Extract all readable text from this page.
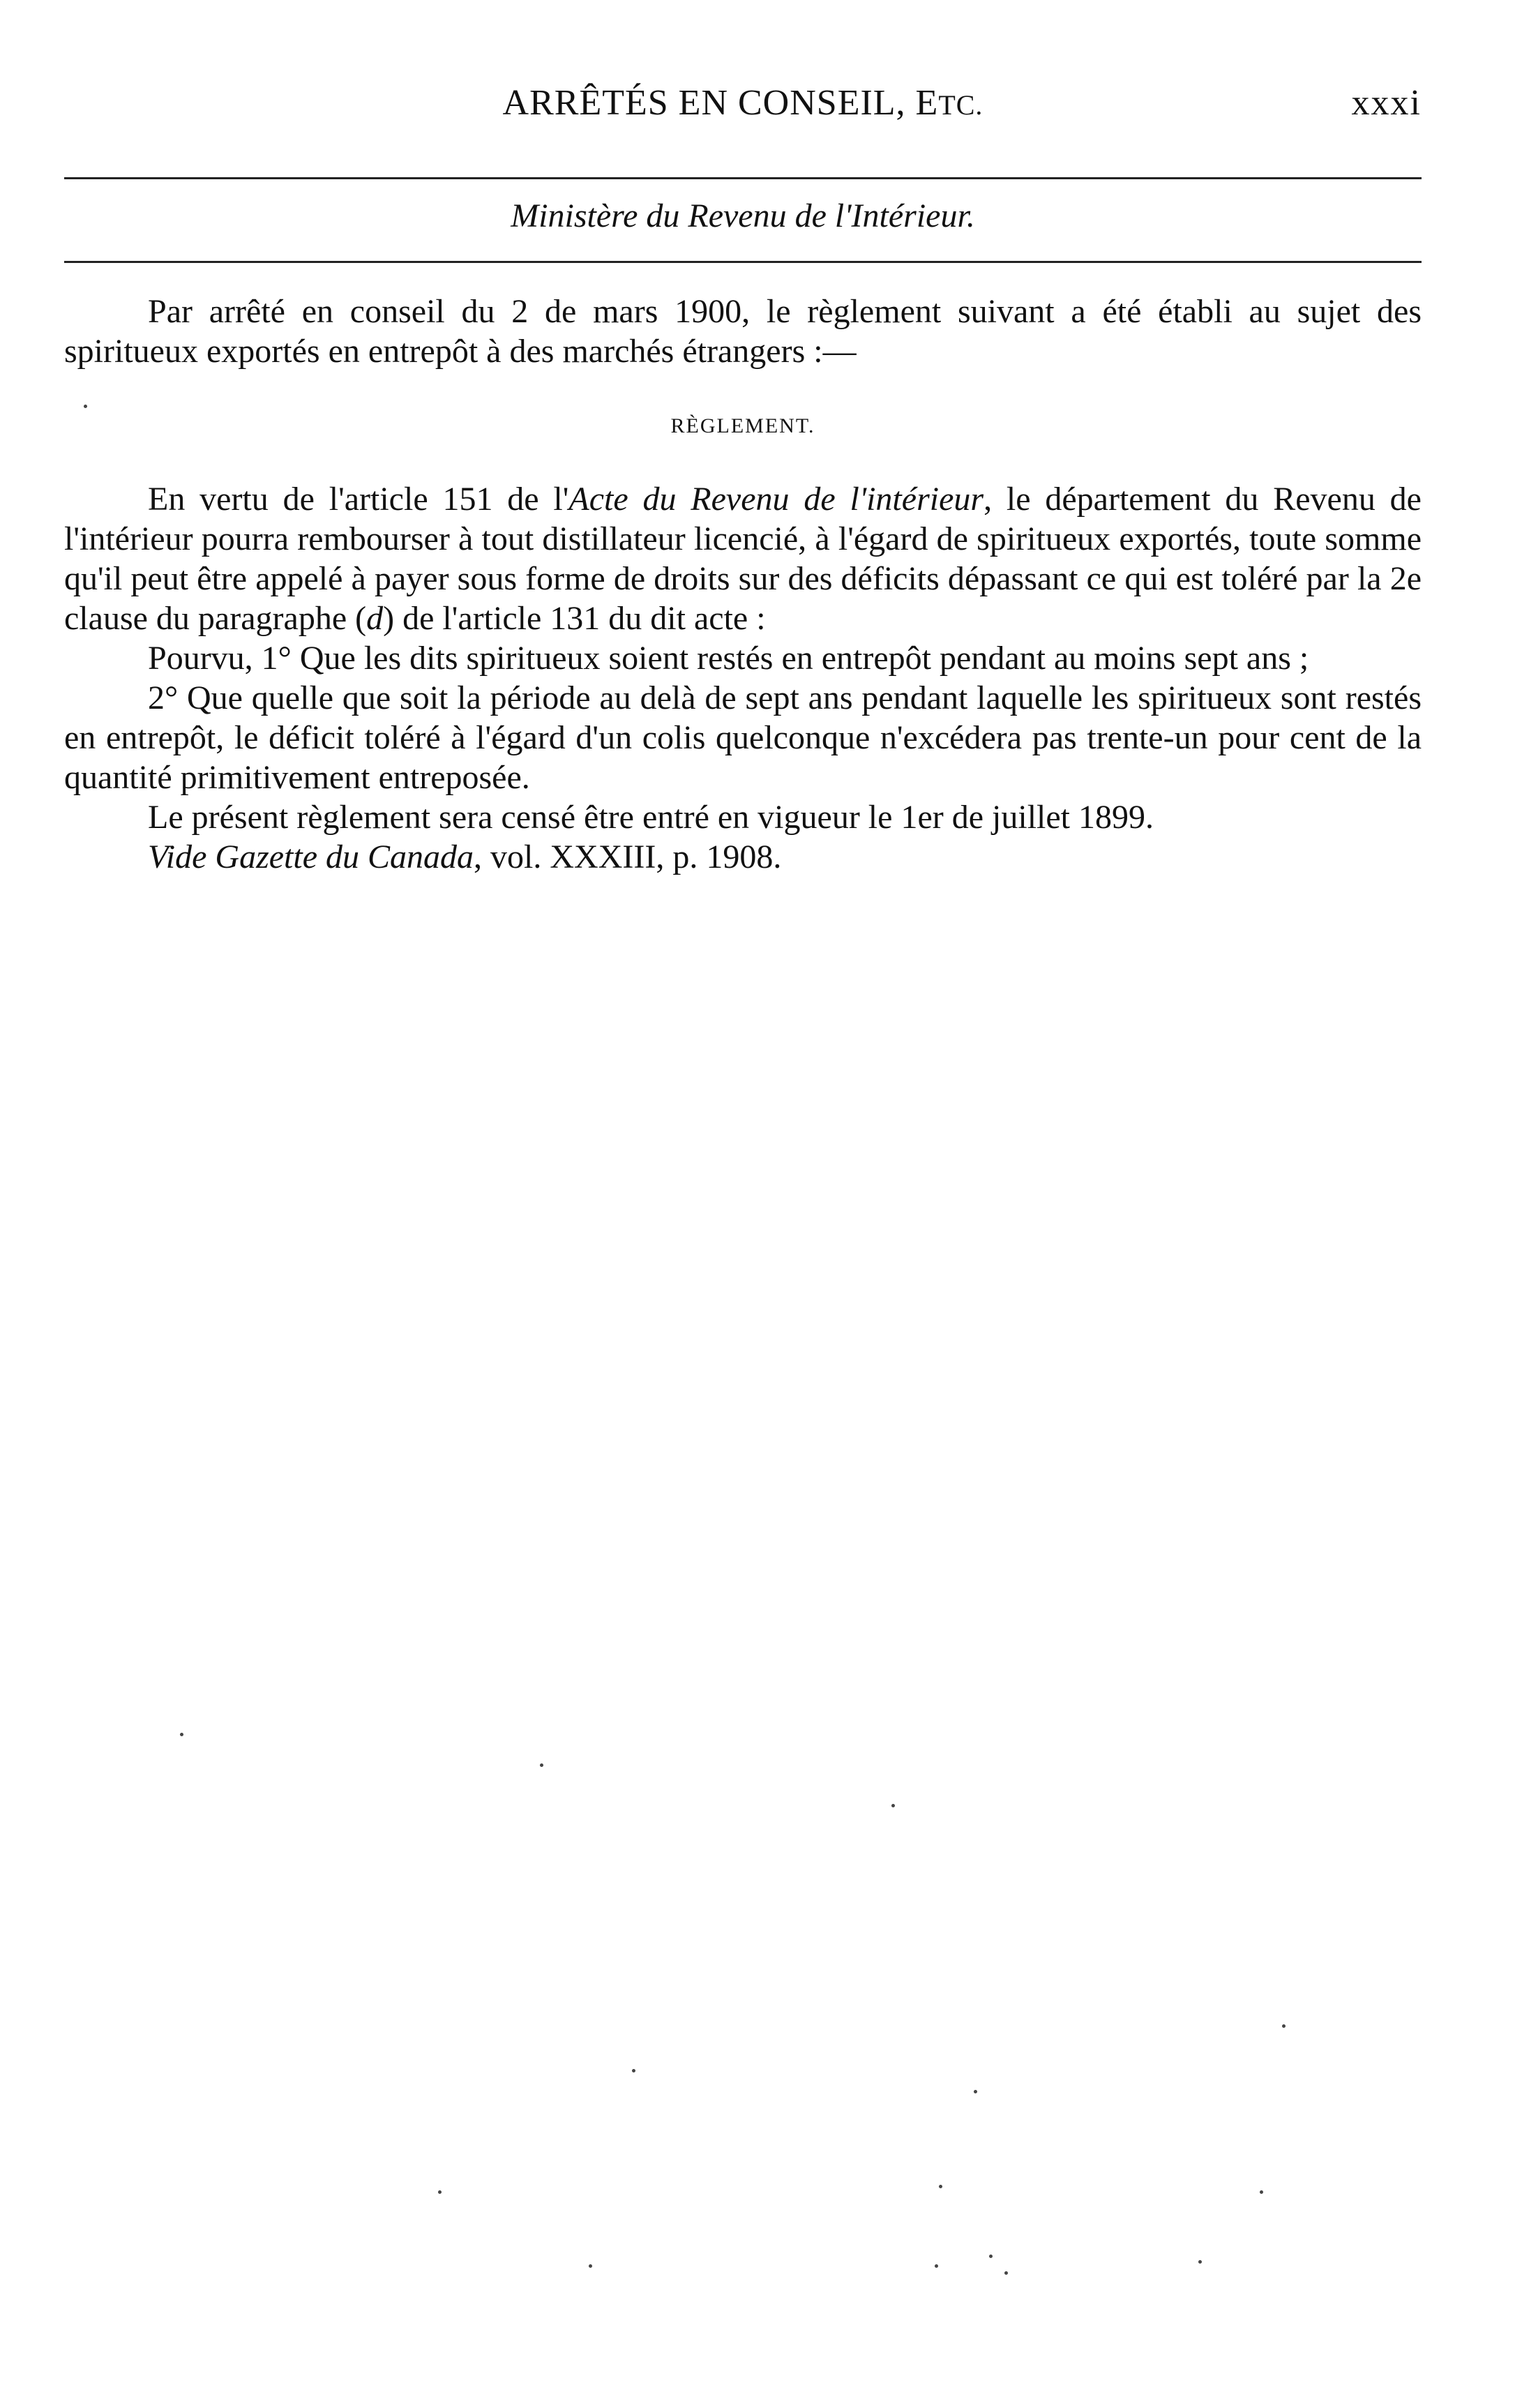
ARRÊTÉS EN CONSEIL, ETC.	xxxi
Ministère du Revenu de l'Intérieur.

Par arrêté en conseil du 2 de mars 1900, le règlement suivant a été établi au sujet des spiritueux exportés en entrepôt à des marchés étrangers :—

RÈGLEMENT.

En vertu de l'article 151 de l'Acte du Revenu de l'intérieur, le département du Revenu de l'intérieur pourra rembourser à tout distillateur licencié, à l'égard de spiritueux exportés, toute somme qu'il peut être appelé à payer sous forme de droits sur des déficits dépassant ce qui est toléré par la 2e clause du paragraphe (d) de l'article 131 du dit acte :

Pourvu, 1° Que les dits spiritueux soient restés en entrepôt pendant au moins sept ans ;

2° Que quelle que soit la période au delà de sept ans pendant laquelle les spiritueux sont restés en entrepôt, le déficit toléré à l'égard d'un colis quelconque n'excédera pas trente-un pour cent de la quantité primitivement entreposée.

Le présent règlement sera censé être entré en vigueur le 1er de juillet 1899.

Vide Gazette du Canada, vol. XXXIII, p. 1908.
